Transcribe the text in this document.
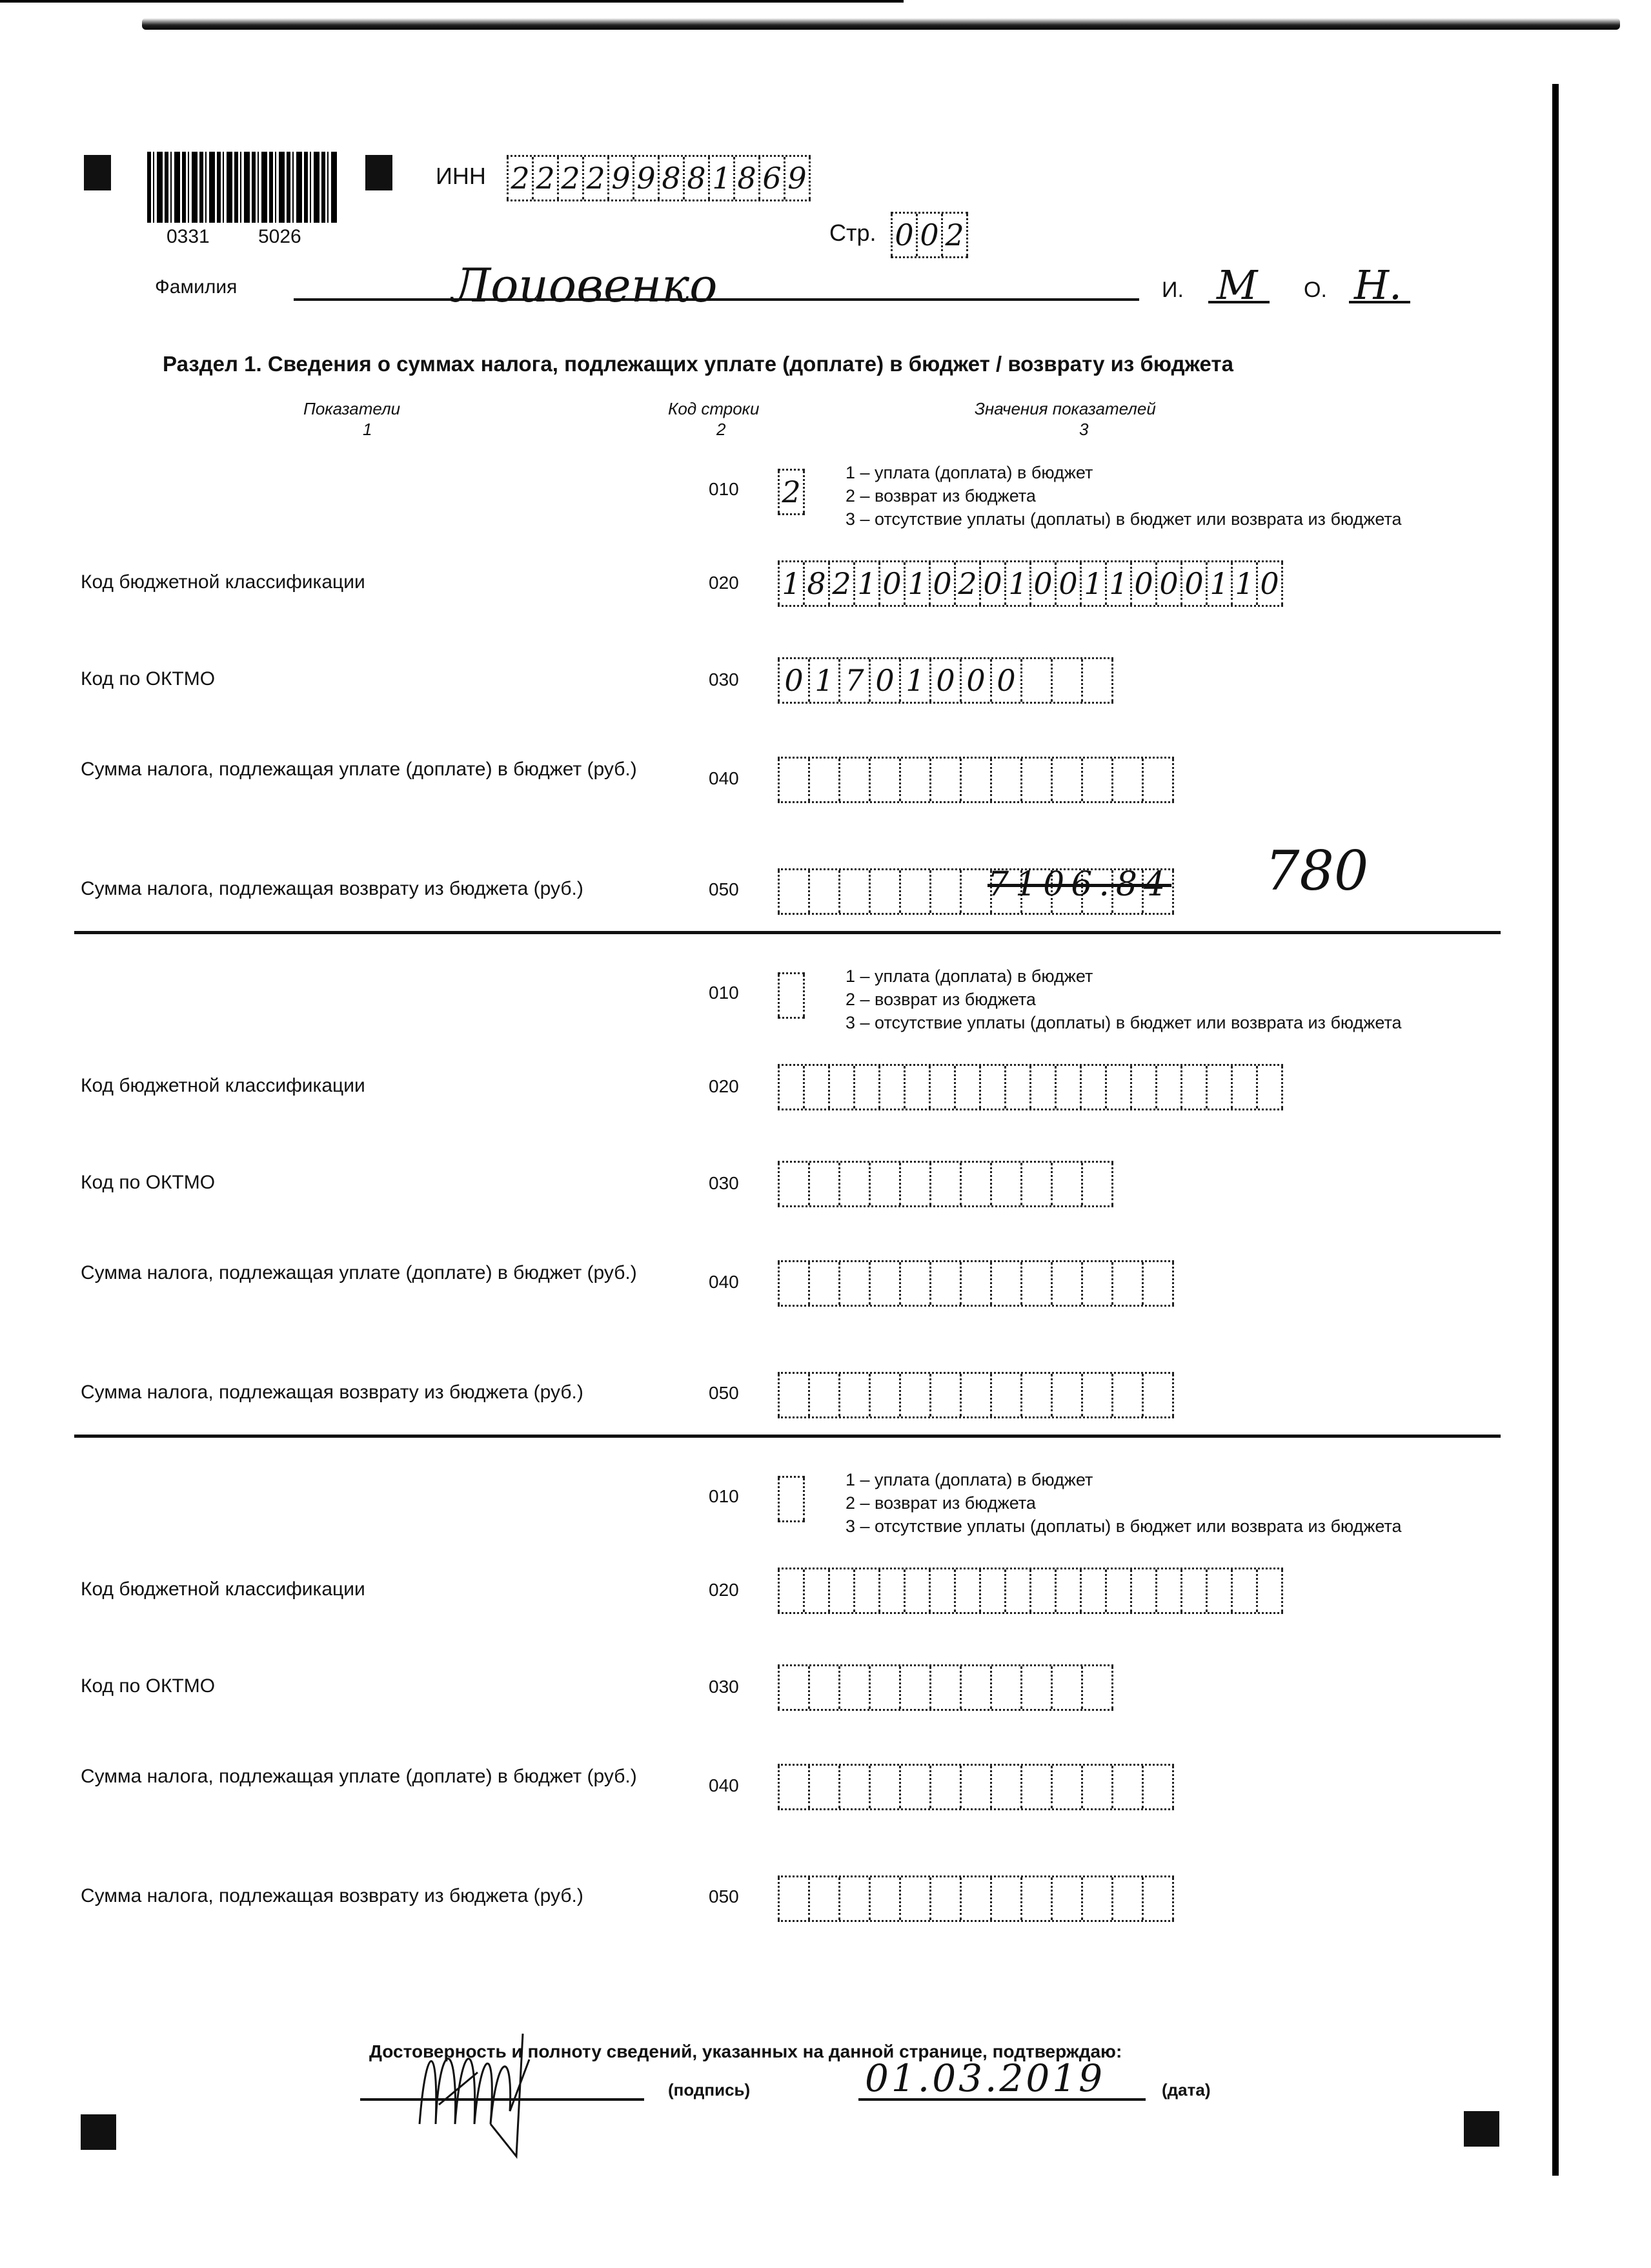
0331	5026
ИНН 2 2 2 2 9 9 8 8 1 8 6 9
Стр. 0 0 2
Фамилия	Лоиовенко	И. М О. Н.
Раздел 1. Сведения о суммах налога, подлежащих уплате (доплате) в бюджет / возврату из бюджета
Показатели
1
Код строки
2
Значения показателей
3
010 2
1 – уплата (доплата) в бюджет
2 – возврат из бюджета
3 – отсутствие уплаты (доплаты) в бюджет или возврата из бюджета
Код бюджетной классификации	020 1 8 2 1 0 1 0 2 0 1 0 0 1 1 0 0 0 1 1 0
Код по ОКТМО	030 0 1 7 0 1 0 0 0
Сумма налога, подлежащая уплате (доплате) в бюджет (руб.)	040
Сумма налога, подлежащая возврату из бюджета (руб.)	050	7106.84 780
010
1 – уплата (доплата) в бюджет
2 – возврат из бюджета
3 – отсутствие уплаты (доплаты) в бюджет или возврата из бюджета
Код бюджетной классификации	020
Код по ОКТМО	030
Сумма налога, подлежащая уплате (доплате) в бюджет (руб.)	040
Сумма налога, подлежащая возврату из бюджета (руб.)	050
010
1 – уплата (доплата) в бюджет
2 – возврат из бюджета
3 – отсутствие уплаты (доплаты) в бюджет или возврата из бюджета
Код бюджетной классификации	020
Код по ОКТМО	030
Сумма налога, подлежащая уплате (доплате) в бюджет (руб.)	040
Сумма налога, подлежащая возврату из бюджета (руб.)	050
Достоверность и полноту сведений, указанных на данной странице, подтверждаю:
(подпись)	01.03.2019	(дата)
